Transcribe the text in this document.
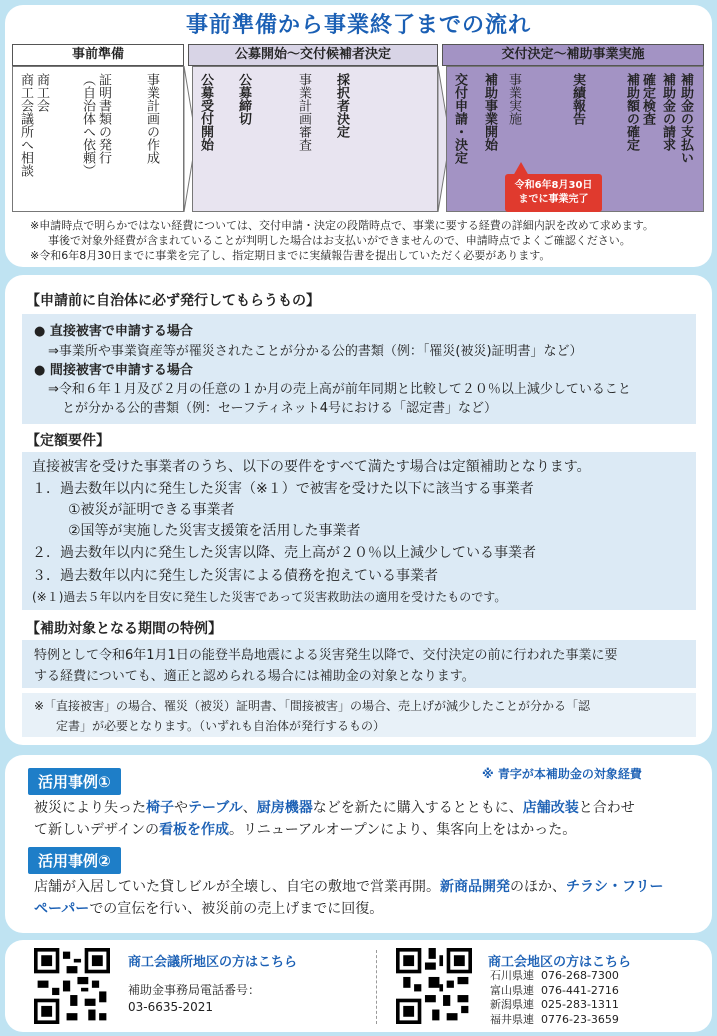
事前準備から事業終了までの流れ
事前準備	公募開始～交付候補者決定	交付決定～補助事業実施
事業計画の作成
証明書類の発行
（自治体へ依頼）
商工会
商工会議所へ相談	採択者決定
事業計画審査
公募締切
公募受付開始	補助金の支払い
補助金の請求
確定検査
補助額の確定
実績報告
事業実施
補助事業開始
交付申請・決定
令和6年8月30日
までに事業完了
※申請時点で明らかではない経費については、交付申請・決定の段階時点で、事業に要する経費の詳細内訳を改めて求めます。
事後で対象外経費が含まれていることが判明した場合はお支払いができませんので、申請時点でよくご確認ください。
※令和6年8月30日までに事業を完了し、指定期日までに実績報告書を提出していただく必要があります。
【申請前に自治体に必ず発行してもらうもの】
● 直接被害で申請する場合
⇒事業所や事業資産等が罹災されたことが分かる公的書類（例：「罹災(被災)証明書」など）
● 間接被害で申請する場合
⇒令和６年１月及び２月の任意の１か月の売上高が前年同期と比較して２０％以上減少していること
とが分かる公的書類（例：セーフティネット4号における「認定書」など）
【定額要件】
直接被害を受けた事業者のうち、以下の要件をすべて満たす場合は定額補助となります。
１．過去数年以内に発生した災害（※１）で被害を受けた以下に該当する事業者
①被災が証明できる事業者
②国等が実施した災害支援策を活用した事業者
２．過去数年以内に発生した災害以降、売上高が２０％以上減少している事業者
３．過去数年以内に発生した災害による債務を抱えている事業者
(※１)過去５年以内を目安に発生した災害であって災害救助法の適用を受けたものです。
【補助対象となる期間の特例】
特例として令和6年1月1日の能登半島地震による災害発生以降で、交付決定の前に行われた事業に要
する経費についても、適正と認められる場合には補助金の対象となります。
※「直接被害」の場合、罹災（被災）証明書、「間接被害」の場合、売上げが減少したことが分かる「認
定書」が必要となります。（いずれも自治体が発行するもの）
※ 青字が本補助金の対象経費
活用事例①
被災により失った椅子やテーブル、厨房機器などを新たに購入するとともに、店舗改装と合わせ
て新しいデザインの看板を作成。リニューアルオープンにより、集客向上をはかった。
活用事例②
店舗が入居していた貸しビルが全壊し、自宅の敷地で営業再開。新商品開発のほか、チラシ・フリー
ペーパーでの宣伝を行い、被災前の売上げまでに回復。
商工会議所地区の方はこちら
補助金事務局電話番号：
03-6635-2021
商工会地区の方はこちら
石川県連 076-268-7300
富山県連 076-441-2716
新潟県連 025-283-1311
福井県連 0776-23-3659
